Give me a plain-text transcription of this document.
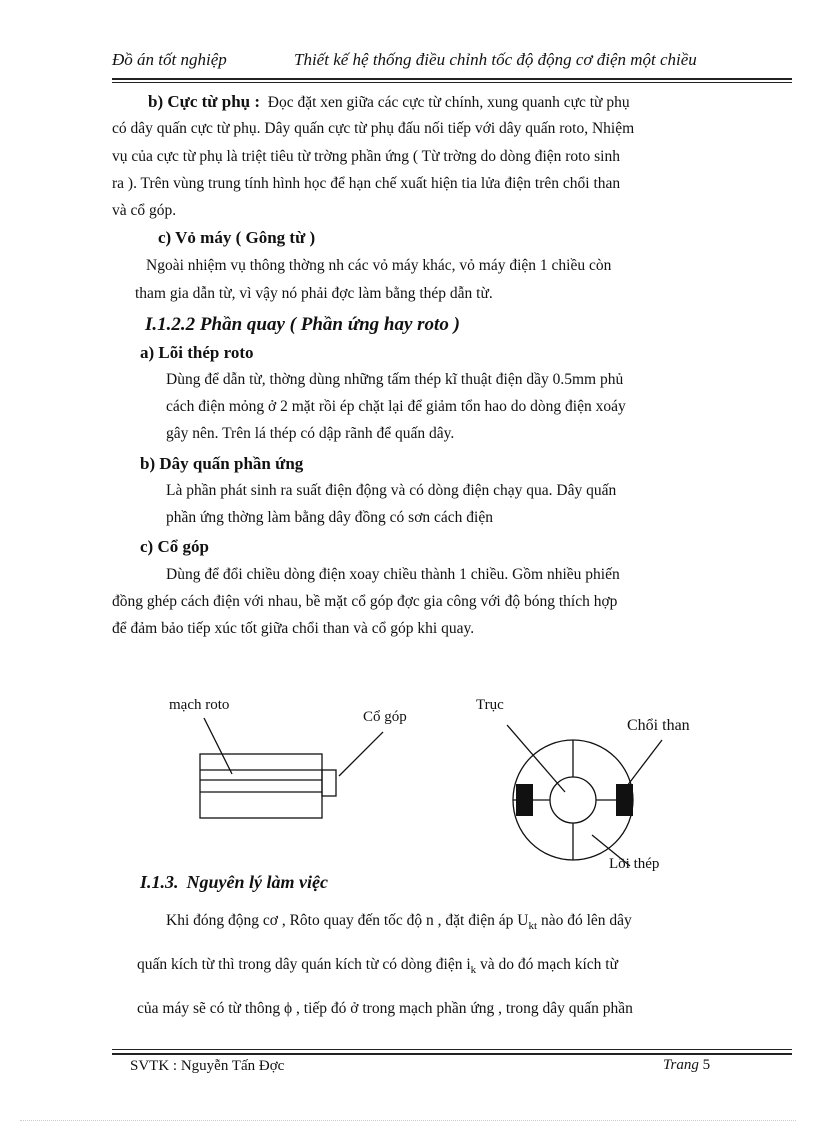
Đồ án tốt nghiệp	Thiết kế hệ thống điều chỉnh tốc độ động cơ điện một chiều
b) Cực từ phụ : Đọc đặt xen giữa các cực từ chính, xung quanh cực từ phụ
có dây quấn cực từ phụ. Dây quấn cực từ phụ đấu nối tiếp với dây quấn roto, Nhiệm
vụ của cực từ phụ là triệt tiêu từ trờng phần ứng ( Từ trờng do dòng điện roto sinh
ra ). Trên vùng trung tính hình học để hạn chế xuất hiện tia lửa điện trên chổi than
và cổ góp.
c) Vỏ máy ( Gông từ )
Ngoài nhiệm vụ thông thờng nh các vỏ máy khác, vỏ máy điện 1 chiều còn
tham gia dẫn từ, vì vậy nó phải đợc làm bằng thép dẫn từ.
I.1.2.2 Phần quay ( Phần ứng hay roto )
a) Lõi thép roto
Dùng để dẫn từ, thờng dùng những tấm thép kĩ thuật điện dầy 0.5mm phủ
cách điện mỏng ở 2 mặt rồi ép chặt lại để giảm tổn hao do dòng điện xoáy
gây nên. Trên lá thép có dập rãnh để quấn dây.
b) Dây quấn phần ứng
Là phần phát sinh ra suất điện động và có dòng điện chạy qua. Dây quấn
phần ứng thờng làm bằng dây đồng có sơn cách điện
c) Cổ góp
Dùng để đổi chiều dòng điện xoay chiều thành 1 chiều. Gồm nhiều phiến
đồng ghép cách điện với nhau, bề mặt cổ góp đợc gia công với độ bóng thích hợp
để đảm bảo tiếp xúc tốt giữa chổi than và cổ góp khi quay.
mạch roto
Cổ góp
Trục
Chổi than
Lõi thép
I.1.3. Nguyên lý làm việc
Khi đóng động cơ , Rôto quay đến tốc độ n , đặt điện áp $U_{kt}$ nào đó lên dây
quấn kích từ thì trong dây quán kích từ có dòng điện $i_k$ và do đó mạch kích từ
của máy sẽ có từ thông ϕ , tiếp đó ở trong mạch phần ứng , trong dây quấn phần
SVTK : Nguyễn Tấn Đợc	Trang 5
